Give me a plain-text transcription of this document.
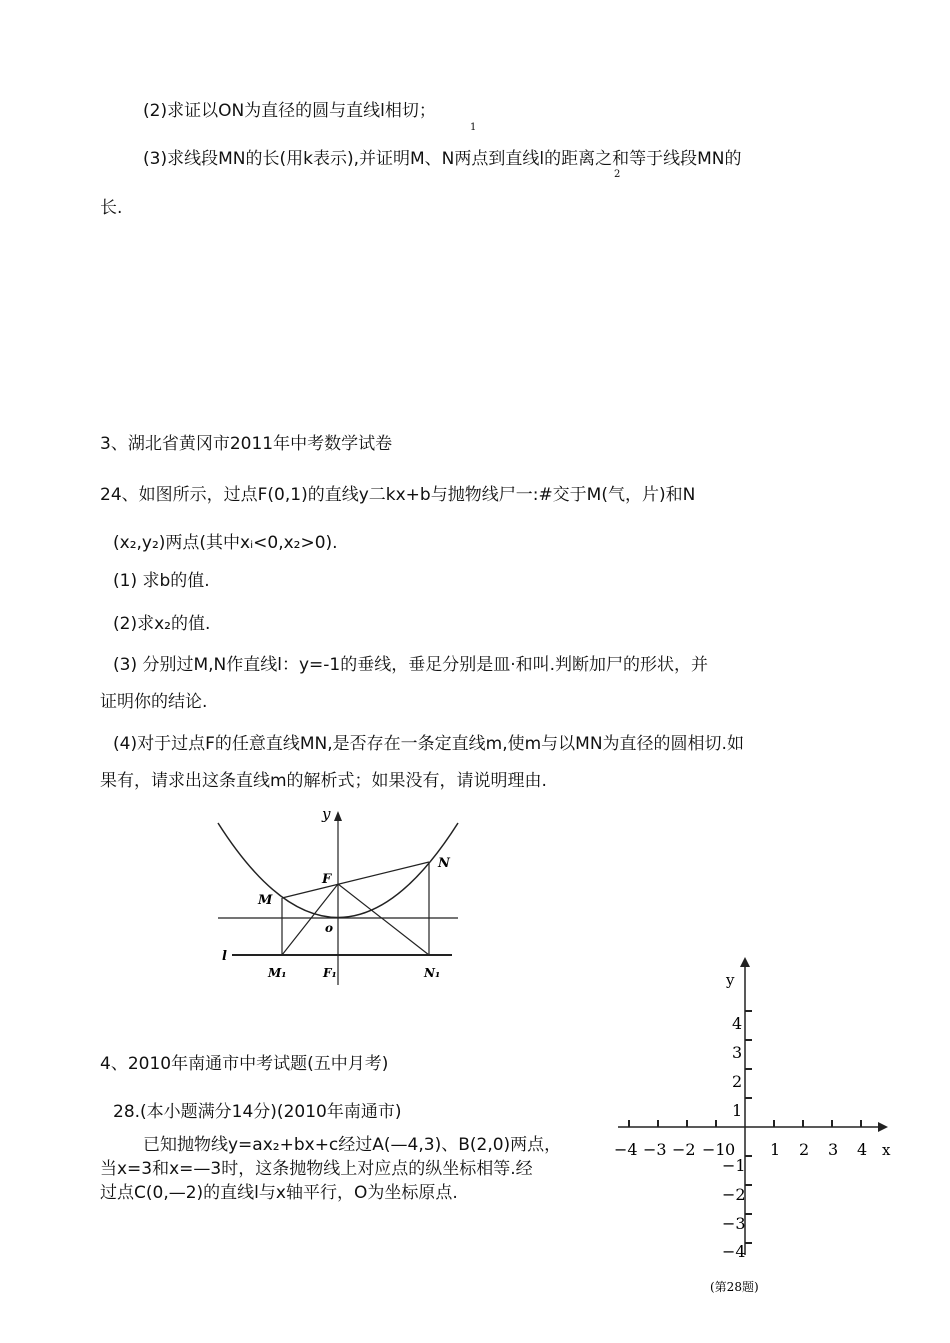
(2)求证以ON为直径的圆与直线l相切；
1
(3)求线段MN的长(用k表示),并证明M、N两点到直线l的距离之和等于线段MN的
2
长.
3、湖北省黄冈市2011年中考数学试卷
24、如图所示，过点F(0,1)的直线y二kx+b与抛物线尸一:#交于M(气，片)和N
(x₂,y₂)两点(其中xᵢ<0,x₂>0).
(1) 求b的值.
(2)求x₂的值.
(3) 分别过M,N作直线l：y=-1的垂线，垂足分别是皿·和叫.判断加尸的形状，并
证明你的结论.
(4)对于过点F的任意直线MN,是否存在一条定直线m,使m与以MN为直径的圆相切.如
果有，请求出这条直线m的解析式；如果没有，请说明理由.
y
F
M
N
o
l
M₁	F₁	N₁
4、2010年南通市中考试题(五中月考)
28.(本小题满分14分)(2010年南通市)
已知抛物线y=ax₂+bx+c经过A(—4,3)、B(2,0)两点，
当x=3和x=—3时，这条抛物线上对应点的纵坐标相等.经
过点C(0,—2)的直线l与x轴平行，O为坐标原点.
y
x
−4 −3 −2 −1 0 1 2 3 4
4
3
2
1
−1
−2
−3
−4
(第28题)
